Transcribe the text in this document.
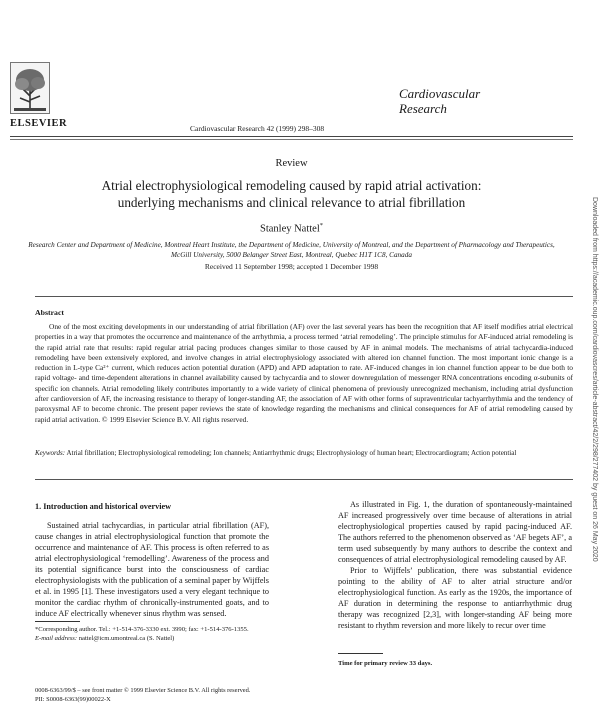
ELSEVIER	Cardiovascular Research 42 (1999) 298–308
Cardiovascular
Research
Review
Atrial electrophysiological remodeling caused by rapid atrial activation:
underlying mechanisms and clinical relevance to atrial fibrillation
Stanley Nattel*
Research Center and Department of Medicine, Montreal Heart Institute, the Department of Medicine, University of Montreal, and the Department of Pharmacology and Therapeutics, McGill University, 5000 Belanger Street East, Montreal, Quebec H1T 1C8, Canada
Received 11 September 1998; accepted 1 December 1998
Abstract

One of the most exciting developments in our understanding of atrial fibrillation (AF) over the last several years has been the recognition that AF itself modifies atrial electrical properties in a way that promotes the occurrence and maintenance of the arrhythmia, a process termed ‘atrial remodeling’. The principle stimulus for AF-induced atrial remodeling is the rapid atrial rate that results: rapid regular atrial pacing produces changes similar to those caused by AF in animal models. The mechanisms of atrial tachycardia-induced remodeling have been extensively explored, and involve changes in atrial electrophysiology associated with altered ion channel function. The most important ionic change is a reduction in L-type Ca²⁺ current, which reduces action potential duration (APD) and APD adaptation to rate. AF-induced changes in ion channel function appear to be due both to rapid voltage- and time-dependent alterations in channel availability caused by tachycardia and to slower downregulation of messenger RNA concentrations encoding α-subunits of specific ion channels. Atrial remodeling likely contributes importantly to a wide variety of clinical phenomena of previously unrecognized mechanism, including atrial dysfunction after cardioversion of AF, the increasing resistance to therapy of longer-standing AF, the association of AF with other forms of supraventricular tachyarrhythmia and the tendency of paroxysmal AF to become chronic. The present paper reviews the state of knowledge regarding the mechanisms and clinical consequences for AF of atrial remodeling caused by rapid atrial activation. © 1999 Elsevier Science B.V. All rights reserved.

Keywords: Atrial fibrillation; Electrophysiological remodeling; Ion channels; Antiarrhythmic drugs; Electrophysiology of human heart; Electrocardiogram; Action potential
1. Introduction and historical overview

Sustained atrial tachycardias, in particular atrial fibrillation (AF), cause changes in atrial electrophysiological function that promote the occurrence and maintenance of AF. This process is often referred to as atrial electrophysiological ‘remodelling’. Awareness of the process and its potential significance burst into the consciousness of cardiac electrophysiologists with the publication of a seminal paper by Wijffels et al. in 1995 [1]. These investigators used a very elegant technique to monitor the cardiac rhythm of chronically-instrumented goats, and to induce AF electrically whenever sinus rhythm was sensed.

As illustrated in Fig. 1, the duration of spontaneously-maintained AF increased progressively over time because of alterations in atrial electrophysiological properties caused by rapid pacing-induced AF. The authors referred to the phenomenon observed as ‘AF begets AF’, a term used subsequently by many authors to describe the context and consequences of atrial electrophysiological remodeling caused by AF.

Prior to Wijffels’ publication, there was substantial evidence pointing to the ability of AF to alter atrial structure and/or electrophysiological function. As early as the 1920s, the importance of AF duration in determining the response to antiarrhythmic drug therapy was recognized [2,3], with longer-standing AF being more resistant to rhythm reversion and more likely to recur over time

*Corresponding author. Tel.: +1-514-376-3330 ext. 3990; fax: +1-514-376-1355.
E-mail address: nattel@icm.umontreal.ca (S. Nattel)
Time for primary review 33 days.
0008-6363/99/$ – see front matter © 1999 Elsevier Science B.V. All rights reserved.
PII: S0008-6363(99)00022-X
Downloaded from https://academic.oup.com/cardiovascres/article-abstract/42/2/298/277402 by guest on 26 May 2020
